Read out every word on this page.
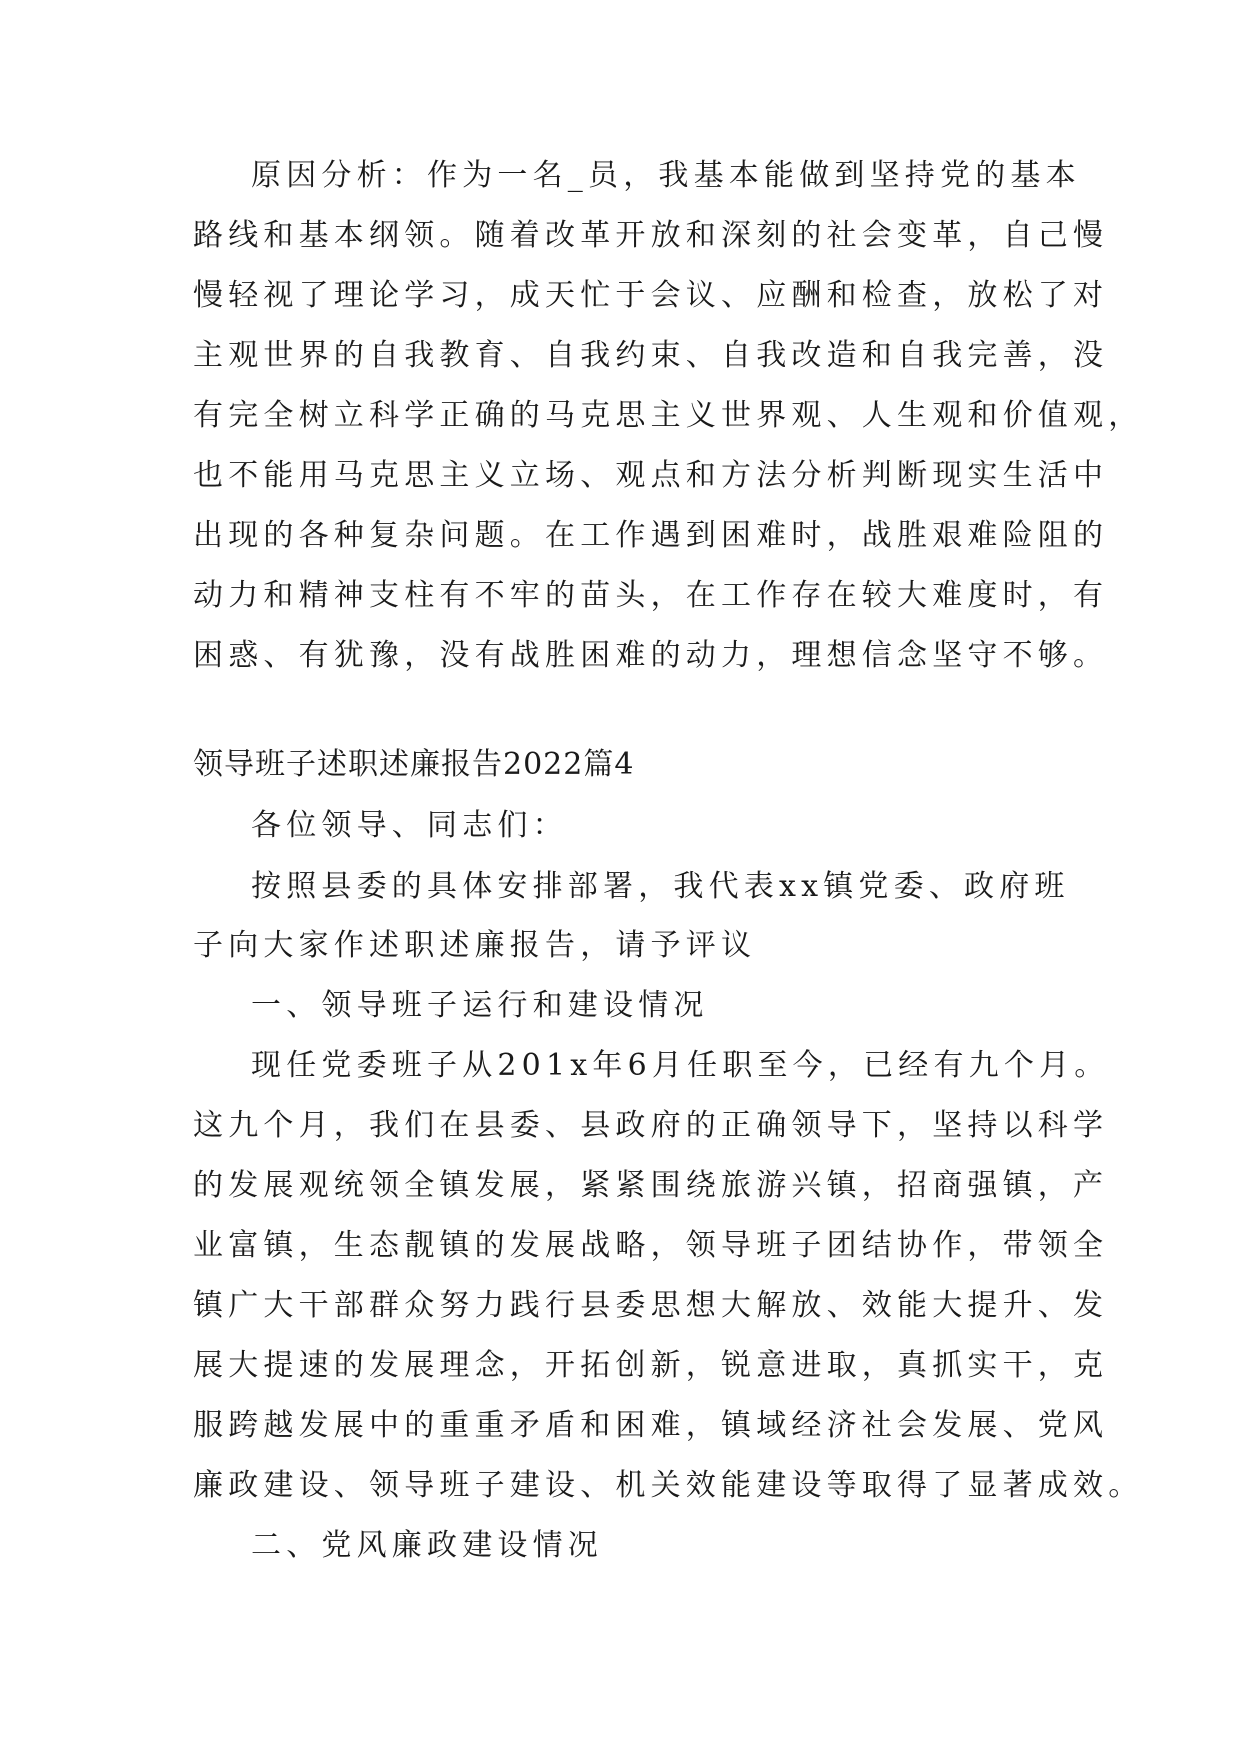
原因分析：作为一名_员，我基本能做到坚持党的基本
路线和基本纲领。随着改革开放和深刻的社会变革，自己慢
慢轻视了理论学习，成天忙于会议、应酬和检查，放松了对
主观世界的自我教育、自我约束、自我改造和自我完善，没
有完全树立科学正确的马克思主义世界观、人生观和价值观，
也不能用马克思主义立场、观点和方法分析判断现实生活中
出现的各种复杂问题。在工作遇到困难时，战胜艰难险阻的
动力和精神支柱有不牢的苗头，在工作存在较大难度时，有
困惑、有犹豫，没有战胜困难的动力，理想信念坚守不够。
领导班子述职述廉报告2022篇4
各位领导、同志们：
按照县委的具体安排部署，我代表xx镇党委、政府班
子向大家作述职述廉报告，请予评议
一、领导班子运行和建设情况
现任党委班子从201x年6月任职至今，已经有九个月。
这九个月，我们在县委、县政府的正确领导下，坚持以科学
的发展观统领全镇发展，紧紧围绕旅游兴镇，招商强镇，产
业富镇，生态靓镇的发展战略，领导班子团结协作，带领全
镇广大干部群众努力践行县委思想大解放、效能大提升、发
展大提速的发展理念，开拓创新，锐意进取，真抓实干，克
服跨越发展中的重重矛盾和困难，镇域经济社会发展、党风
廉政建设、领导班子建设、机关效能建设等取得了显著成效。
二、党风廉政建设情况
